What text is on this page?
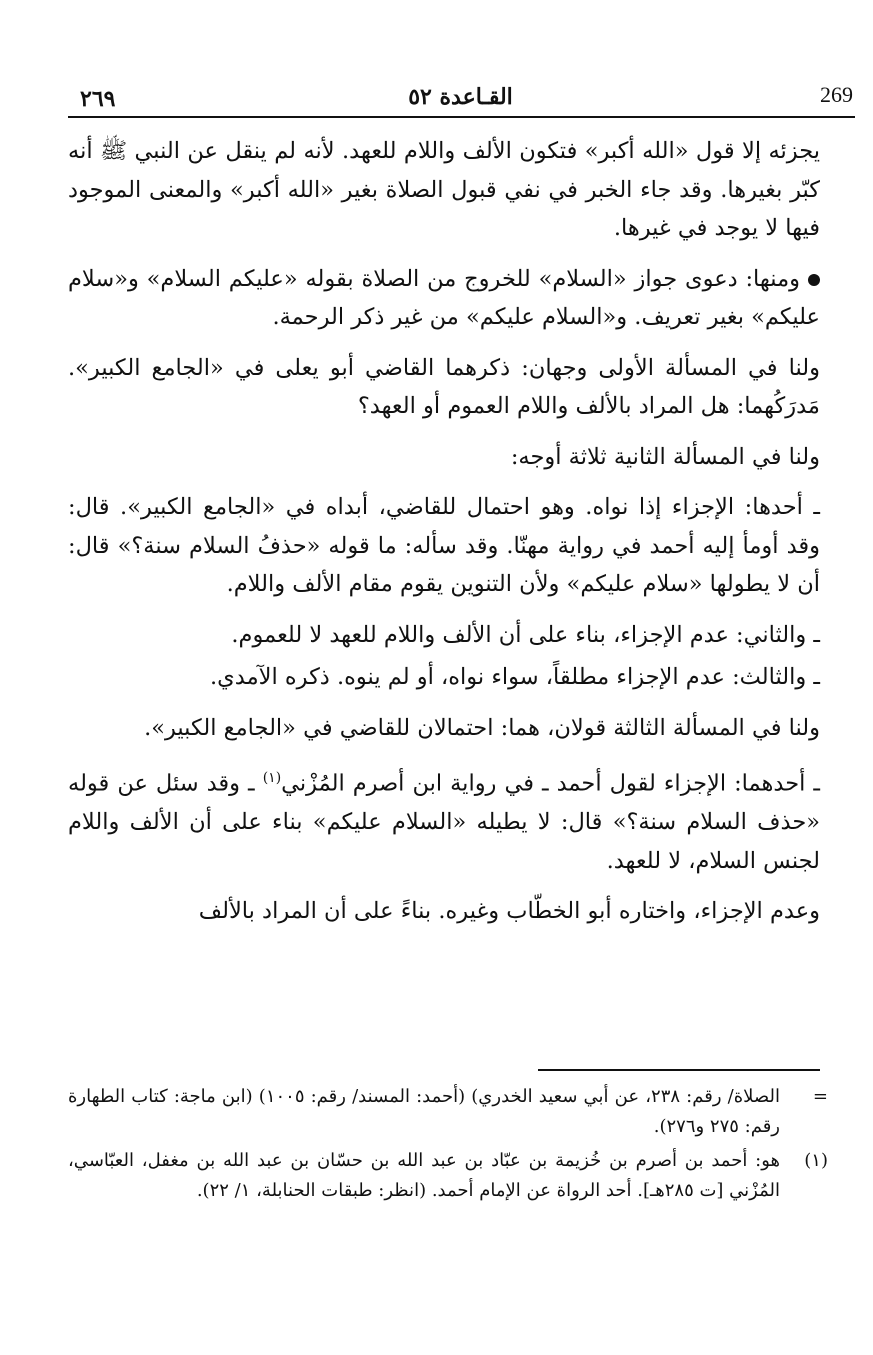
٢٦٩	القـاعدة ٥٢	269

يجزئه إلا قول «الله أكبر» فتكون الألف واللام للعهد. لأنه لم ينقل عن النبي ﷺ أنه كبّر بغيرها. وقد جاء الخبر في نفي قبول الصلاة بغير «الله أكبر» والمعنى الموجود فيها لا يوجد في غيرها.

ومنها: دعوى جواز «السلام» للخروج من الصلاة بقوله «عليكم السلام» و«سلام عليكم» بغير تعريف. و«السلام عليكم» من غير ذكر الرحمة.

ولنا في المسألة الأولى وجهان: ذكرهما القاضي أبو يعلى في «الجامع الكبير». مَدرَكُهما: هل المراد بالألف واللام العموم أو العهد؟

ولنا في المسألة الثانية ثلاثة أوجه:

ـ أحدها: الإجزاء إذا نواه. وهو احتمال للقاضي، أبداه في «الجامع الكبير». قال: وقد أومأ إليه أحمد في رواية مهنّا. وقد سأله: ما قوله «حذفُ السلام سنة؟» قال: أن لا يطولها «سلام عليكم» ولأن التنوين يقوم مقام الألف واللام.

ـ والثاني: عدم الإجزاء، بناء على أن الألف واللام للعهد لا للعموم.

ـ والثالث: عدم الإجزاء مطلقاً، سواء نواه، أو لم ينوه. ذكره الآمدي.

ولنا في المسألة الثالثة قولان، هما: احتمالان للقاضي في «الجامع الكبير».

ـ أحدهما: الإجزاء لقول أحمد ـ في رواية ابن أصرم المُزْني$^{(١)}$ ـ وقد سئل عن قوله «حذف السلام سنة؟» قال: لا يطيله «السلام عليكم» بناء على أن الألف واللام لجنس السلام، لا للعهد.

وعدم الإجزاء، واختاره أبو الخطّاب وغيره. بناءً على أن المراد بالألف

=
الصلاة/ رقم: ٢٣٨، عن أبي سعيد الخدري) (أحمد: المسند/ رقم: ١٠٠٥) (ابن ماجة: كتاب الطهارة رقم: ٢٧٥ و٢٧٦).
(١)
هو: أحمد بن أصرم بن خُزيمة بن عبّاد بن عبد الله بن حسّان بن عبد الله بن مغفل، العبّاسي، المُزْني [ت ٢٨٥هـ]. أحد الرواة عن الإمام أحمد. (انظر: طبقات الحنابلة، ١/ ٢٢).
